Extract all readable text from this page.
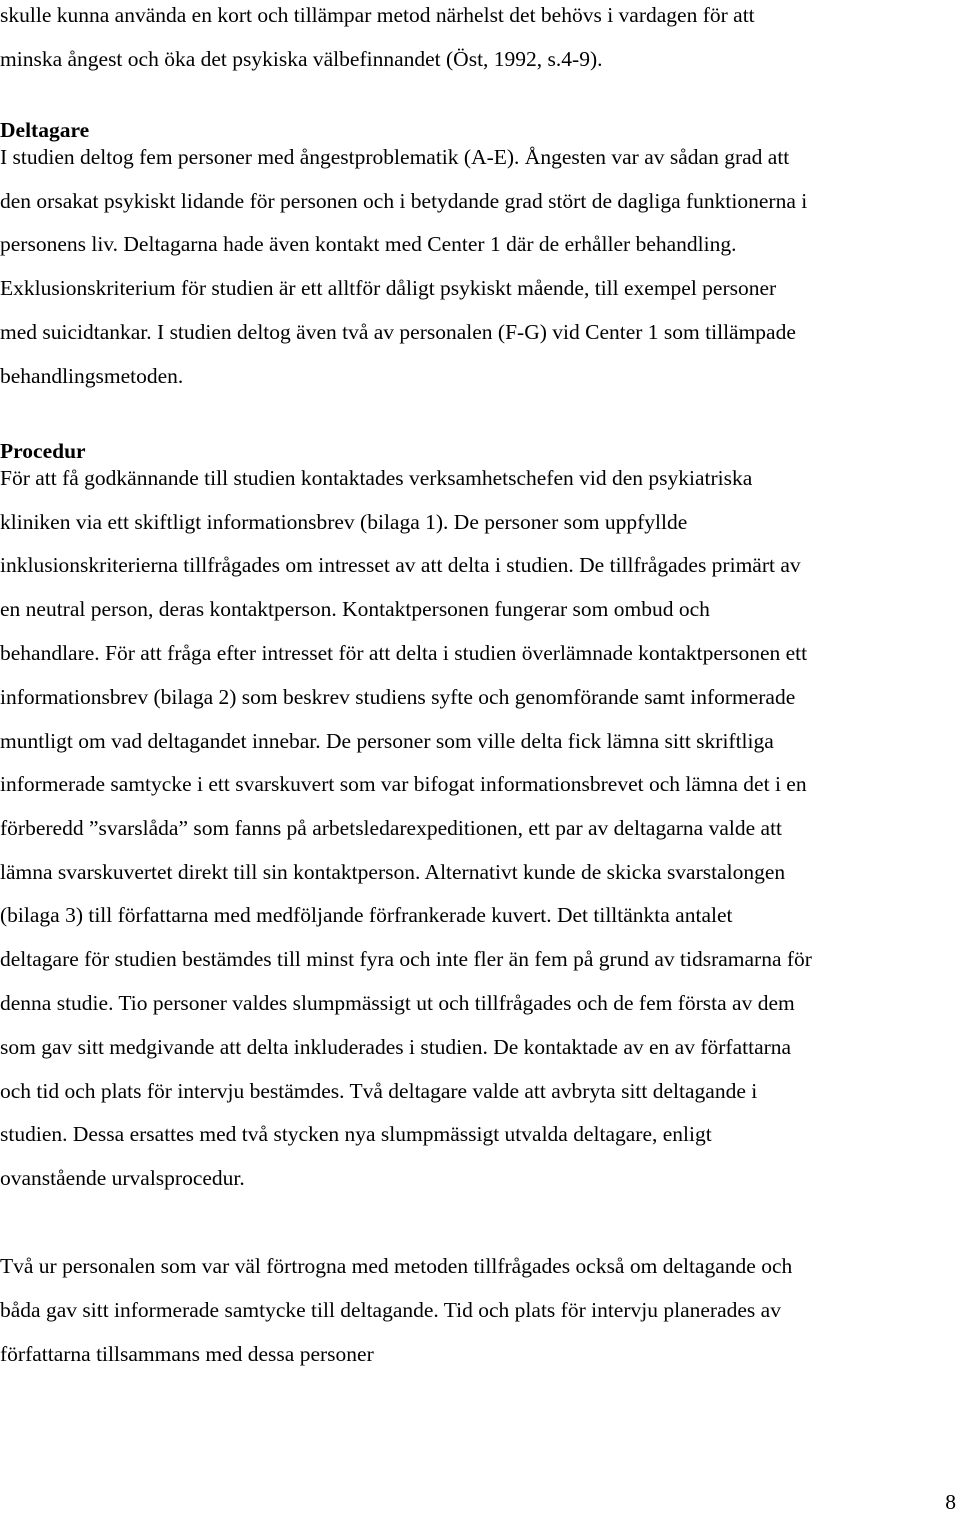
skulle kunna använda en kort och tillämpar metod närhelst det behövs i vardagen för att
minska ångest och öka det psykiska välbefinnandet (Öst, 1992, s.4-9).
Deltagare
I studien deltog fem personer med ångestproblematik (A-E). Ångesten var av sådan grad att
den orsakat psykiskt lidande för personen och i betydande grad stört de dagliga funktionerna i
personens liv. Deltagarna hade även kontakt med Center 1 där de erhåller behandling.
Exklusionskriterium för studien är ett alltför dåligt psykiskt mående, till exempel personer
med suicidtankar. I studien deltog även två av personalen (F-G) vid Center 1 som tillämpade
behandlingsmetoden.
Procedur
För att få godkännande till studien kontaktades verksamhetschefen vid den psykiatriska
kliniken via ett skiftligt informationsbrev (bilaga 1). De personer som uppfyllde
inklusionskriterierna tillfrågades om intresset av att delta i studien. De tillfrågades primärt av
en neutral person, deras kontaktperson. Kontaktpersonen fungerar som ombud och
behandlare. För att fråga efter intresset för att delta i studien överlämnade kontaktpersonen ett
informationsbrev (bilaga 2) som beskrev studiens syfte och genomförande samt informerade
muntligt om vad deltagandet innebar. De personer som ville delta fick lämna sitt skriftliga
informerade samtycke i ett svarskuvert som var bifogat informationsbrevet och lämna det i en
förberedd ”svarslåda” som fanns på arbetsledarexpeditionen, ett par av deltagarna valde att
lämna svarskuvertet direkt till sin kontaktperson. Alternativt kunde de skicka svarstalongen
(bilaga 3) till författarna med medföljande förfrankerade kuvert. Det tilltänkta antalet
deltagare för studien bestämdes till minst fyra och inte fler än fem på grund av tidsramarna för
denna studie. Tio personer valdes slumpmässigt ut och tillfrågades och de fem första av dem
som gav sitt medgivande att delta inkluderades i studien. De kontaktade av en av författarna
och tid och plats för intervju bestämdes. Två deltagare valde att avbryta sitt deltagande i
studien. Dessa ersattes med två stycken nya slumpmässigt utvalda deltagare, enligt
ovanstående urvalsprocedur.
Två ur personalen som var väl förtrogna med metoden tillfrågades också om deltagande och
båda gav sitt informerade samtycke till deltagande. Tid och plats för intervju planerades av
författarna tillsammans med dessa personer
8
